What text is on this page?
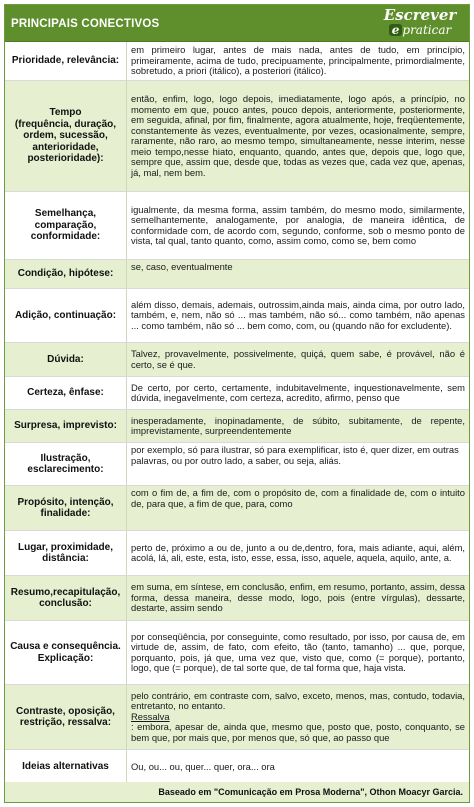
PRINCIPAIS CONECTIVOS	Escrever
e praticar
Prioridade, relevância:
em primeiro lugar, antes de mais nada, antes de tudo, em princípio, primeiramente, acima de tudo, precipuamente, principalmente, primordialmente, sobretudo, a priori (itálico), a posteriori (itálico).
Tempo
(frequência, duração, ordem, sucessão, anterioridade, posterioridade):
então, enfim, logo, logo depois, imediatamente, logo após, a princípio, no momento em que, pouco antes, pouco depois, anteriormente, posteriormente, em seguida, afinal, por fim, finalmente, agora atualmente, hoje, freqüentemente, constantemente às vezes, eventualmente, por vezes, ocasionalmente, sempre, raramente, não raro, ao mesmo tempo, simultaneamente, nesse interim, nesse meio tempo,nesse hiato, enquanto, quando, antes que, depois que, logo que, sempre que, assim que, desde que, todas as vezes que, cada vez que, apenas, já, mal, nem bem.
Semelhança, comparação, conformidade:
igualmente, da mesma forma, assim também, do mesmo modo, similarmente, semelhantemente, analogamente, por analogia, de maneira idêntica, de conformidade com, de acordo com, segundo, conforme, sob o mesmo ponto de vista, tal qual, tanto quanto, como, assim como, como se, bem como
Condição, hipótese:
se, caso, eventualmente
Adição, continuação:
além disso, demais, ademais, outrossim,ainda mais, ainda cima, por outro lado, também, e, nem, não só ... mas também, não só... como também, não apenas ... como também, não só ... bem como, com, ou (quando não for excludente).
Dúvida:
Talvez, provavelmente, possivelmente, quiçá, quem sabe, é provável, não é certo, se é que.
Certeza, ênfase:
De certo, por certo, certamente, indubitavelmente, inquestionavelmente, sem dúvida, inegavelmente, com certeza, acredito, afirmo, penso que
Surpresa, imprevisto:
inesperadamente, inopinadamente, de súbito, subitamente, de repente, imprevistamente, surpreendentemente
Ilustração, esclarecimento:
por exemplo, só para ilustrar, só para exemplificar, isto é, quer dizer, em outras
palavras, ou por outro lado, a saber, ou seja, aliás.
Propósito, intenção, finalidade:
com o fim de, a fim de, com o propósito de, com a finalidade de, com o intuito de, para que, a fim de que, para, como
Lugar, proximidade, distância:
perto de, próximo a ou de, junto a ou de,dentro, fora, mais adiante, aqui, além, acolá, lá, ali, este, esta, isto, esse, essa, isso, aquele, aquela, aquilo, ante, a.
Resumo,recapitulação, conclusão:
em suma, em síntese, em conclusão, enfim, em resumo, portanto, assim, dessa forma, dessa maneira, desse modo, logo, pois (entre vírgulas), dessarte, destarte, assim sendo
Causa e consequência. Explicação:
por conseqüência, por conseguinte, como resultado, por isso, por causa de, em virtude de, assim, de fato, com efeito, tão (tanto, tamanho) ... que, porque, porquanto, pois, já que, uma vez que, visto que, como (= porque), portanto, logo, que (= porque), de tal sorte que, de tal forma que, haja vista.
Contraste, oposição, restrição, ressalva:
pelo contrário, em contraste com, salvo, exceto, menos, mas, contudo, todavia, entretanto, no entanto.
Ressalva
: embora, apesar de, ainda que, mesmo que, posto que, posto, conquanto, se bem que, por mais que, por menos que, só que, ao passo que
Ideias alternativas	Ou, ou... ou, quer... quer, ora... ora
Baseado em "Comunicação em Prosa Moderna", Othon Moacyr Garcia.
